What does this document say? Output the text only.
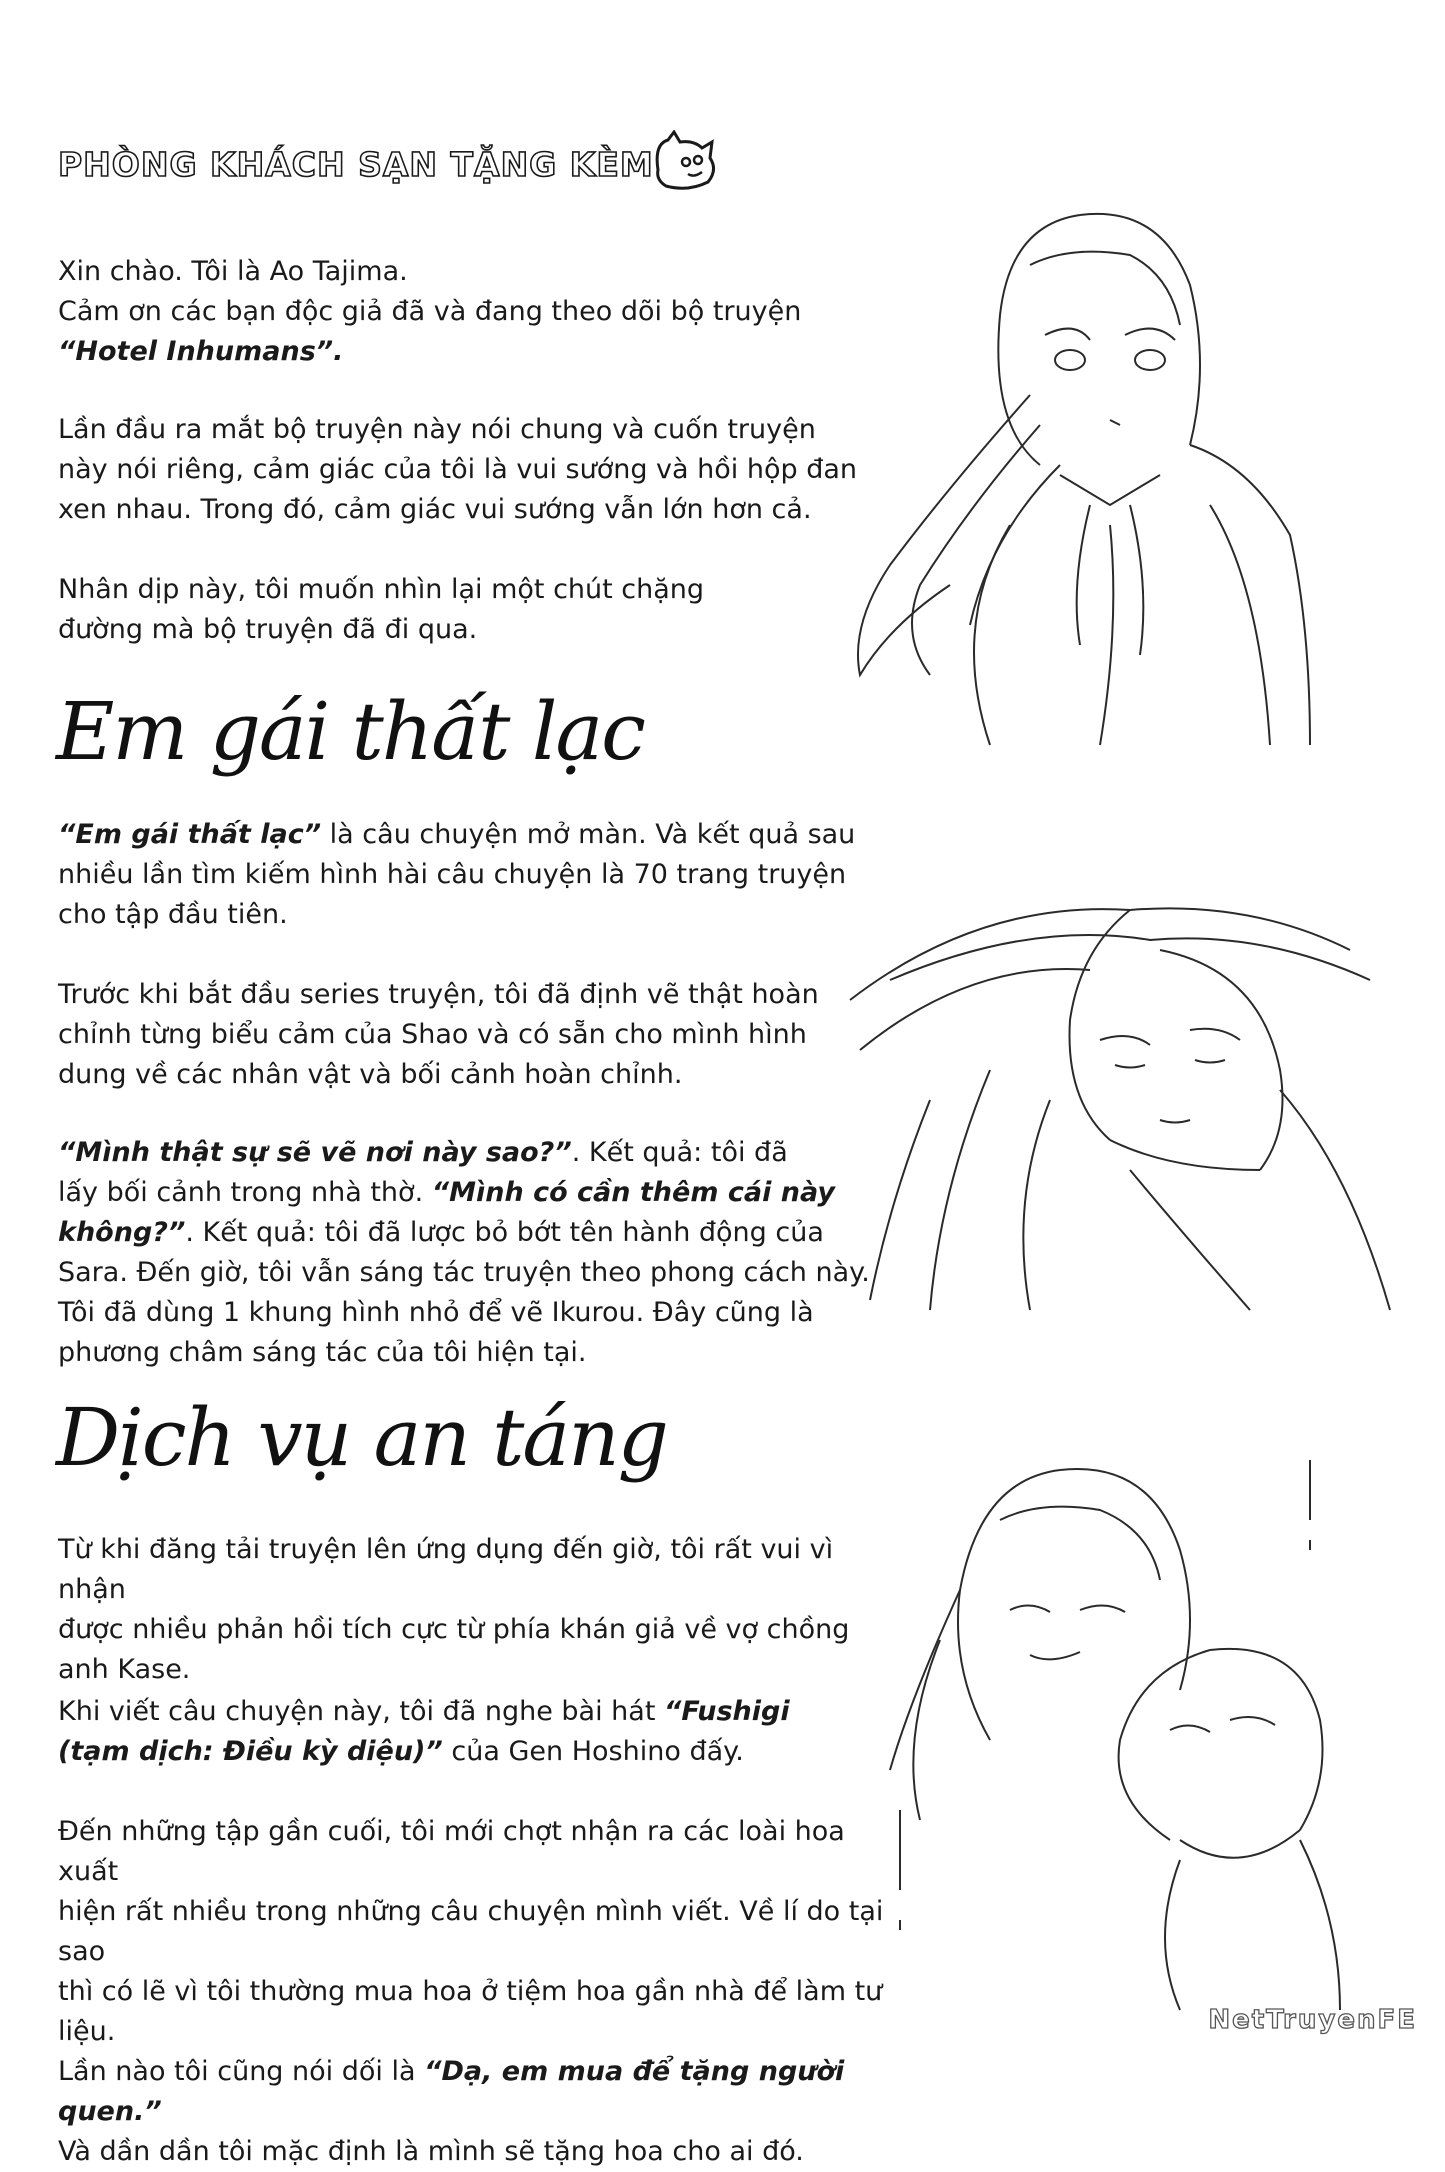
PHÒNG KHÁCH SẠN TẶNG KÈM
Xin chào. Tôi là Ao Tajima.
Cảm ơn các bạn độc giả đã và đang theo dõi bộ truyện
“Hotel Inhumans”.
Lần đầu ra mắt bộ truyện này nói chung và cuốn truyện
này nói riêng, cảm giác của tôi là vui sướng và hồi hộp đan
xen nhau. Trong đó, cảm giác vui sướng vẫn lớn hơn cả.
Nhân dịp này, tôi muốn nhìn lại một chút chặng
đường mà bộ truyện đã đi qua.
Em gái thất lạc
“Em gái thất lạc” là câu chuyện mở màn. Và kết quả sau
nhiều lần tìm kiếm hình hài câu chuyện là 70 trang truyện
cho tập đầu tiên.
Trước khi bắt đầu series truyện, tôi đã định vẽ thật hoàn
chỉnh từng biểu cảm của Shao và có sẵn cho mình hình
dung về các nhân vật và bối cảnh hoàn chỉnh.
“Mình thật sự sẽ vẽ nơi này sao?”. Kết quả: tôi đã
lấy bối cảnh trong nhà thờ. “Mình có cần thêm cái này
không?”. Kết quả: tôi đã lược bỏ bớt tên hành động của
Sara. Đến giờ, tôi vẫn sáng tác truyện theo phong cách này.
Tôi đã dùng 1 khung hình nhỏ để vẽ Ikurou. Đây cũng là
phương châm sáng tác của tôi hiện tại.
Dịch vụ an táng
Từ khi đăng tải truyện lên ứng dụng đến giờ, tôi rất vui vì nhận
được nhiều phản hồi tích cực từ phía khán giả về vợ chồng
anh Kase.
Khi viết câu chuyện này, tôi đã nghe bài hát “Fushigi
(tạm dịch: Điều kỳ diệu)” của Gen Hoshino đấy.
Đến những tập gần cuối, tôi mới chợt nhận ra các loài hoa xuất
hiện rất nhiều trong những câu chuyện mình viết. Về lí do tại sao
thì có lẽ vì tôi thường mua hoa ở tiệm hoa gần nhà để làm tư liệu.
Lần nào tôi cũng nói dối là “Dạ, em mua để tặng người quen.”
Và dần dần tôi mặc định là mình sẽ tặng hoa cho ai đó.
NetTruyenFE
